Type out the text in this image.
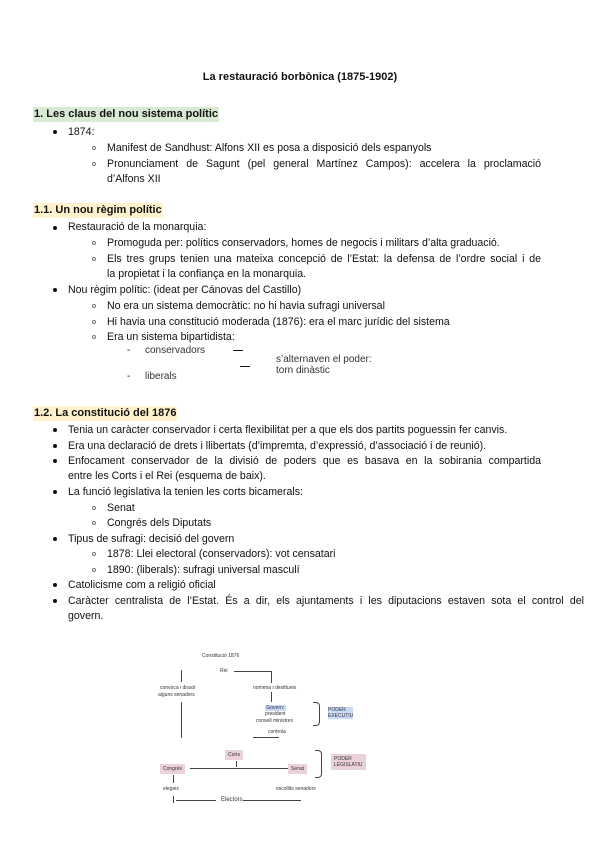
La restauració borbònica (1875-1902)
1. Les claus del nou sistema polític
1874:
Manifest de Sandhust: Alfons XII es posa a disposició dels espanyols
Pronunciament de Sagunt (pel general Martínez Campos): accelera la proclamació
d’Alfons XII
1.1. Un nou règim polític
Restauració de la monarquia:
Promoguda per: polítics conservadors, homes de negocis i militars d’alta graduació.
Els tres grups tenien una mateixa concepció de l’Estat: la defensa de l’ordre social i de
la propietat i la confiança en la monarquia.
Nou règim polític: (ideat per Cánovas del Castillo)
No era un sistema democràtic: no hi havia sufragi universal
Hi havia una constitució moderada (1876): era el marc jurídic del sistema
Era un sistema bipartidista:
- conservadors
- liberals
s’alternaven el poder:
torn dinàstic
1.2. La constitució del 1876
Tenia un caràcter conservador i certa flexibilitat per a que els dos partits poguessin fer canvis.
Era una declaració de drets i llibertats (d’impremta, d’expressió, d’associació i de reunió).
Enfocament conservador de la divisió de poders que es basava en la sobirania compartida
entre les Corts i el Rei (esquema de baix).
La funció legislativa la tenien les corts bicamerals:
Senat
Congrés dels Diputats
Tipus de sufragi: decisió del govern
1878: Llei electoral (conservadors): vot censatari
1890: (liberals): sufragi universal masculí
Catolicisme com a religió oficial
Caràcter centralista de l’Estat. És a dir, els ajuntaments i les diputacions estaven sota el control del
govern.
Constitució 1876
Rei
nomena i destitueix
convoca i dissol
alguns senadors
Govern:
president
consell ministres
controla
PODER
EXECUTIU
Corts
Congrés	Senat
PODER
LEGISLATIU
elegeix	escollits senadors
Electors
